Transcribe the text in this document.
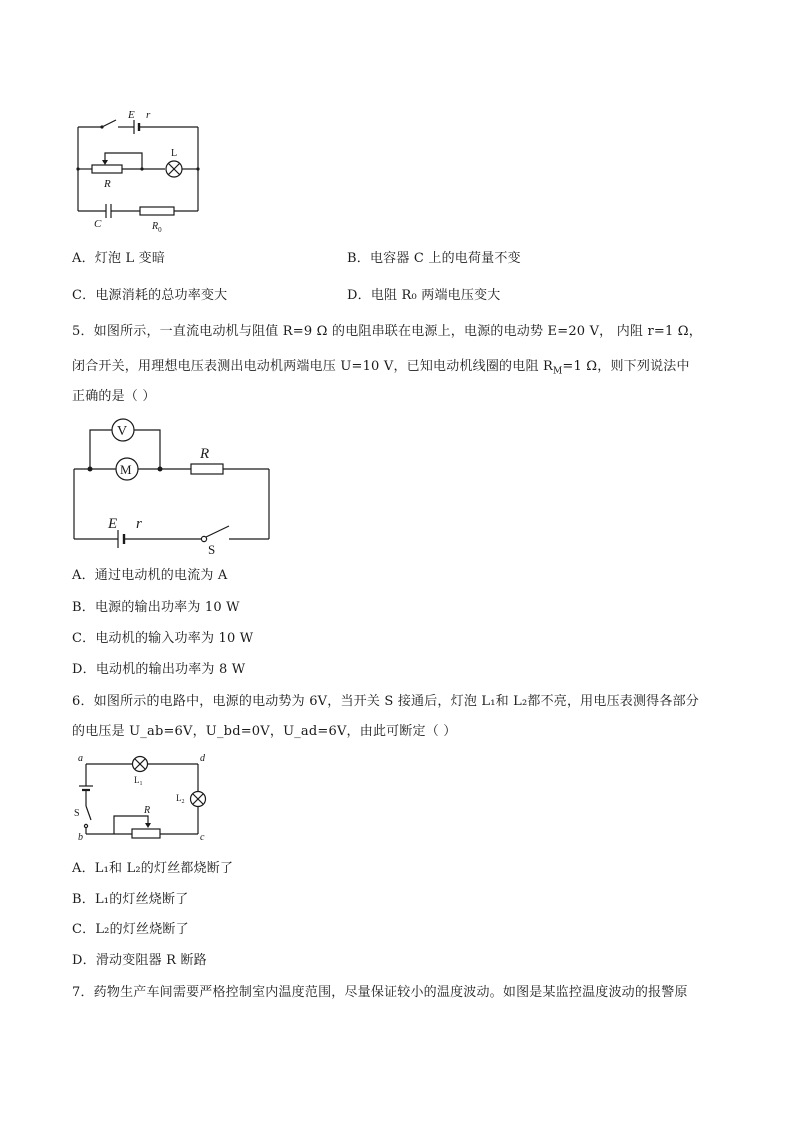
E r
R
L
C	$R_0$
A．灯泡 L 变暗	B．电容器 C 上的电荷量不变
C．电源消耗的总功率变大	D．电阻 R₀ 两端电压变大
5．如图所示，一直流电动机与阻值 R=9 Ω 的电阻串联在电源上，电源的电动势 E=20 V， 内阻 r=1 Ω，
闭合开关，用理想电压表测出电动机两端电压 U=10 V，已知电动机线圈的电阻 $R_M=1$ Ω，则下列说法中
正确的是（ ）
V
M
R
E r
S
A．通过电动机的电流为 A
B．电源的输出功率为 10 W
C．电动机的输入功率为 10 W
D．电动机的输出功率为 8 W
6．如图所示的电路中，电源的电动势为 6V，当开关 S 接通后，灯泡 L₁和 L₂都不亮，用电压表测得各部分
的电压是 U_ab=6V，U_bd=0V，U_ad=6V，由此可断定（ ）
a	d
b	c
$L_1$
S
$L_2$
R
A．L₁和 L₂的灯丝都烧断了
B．L₁的灯丝烧断了
C．L₂的灯丝烧断了
D．滑动变阻器 R 断路
7．药物生产车间需要严格控制室内温度范围，尽量保证较小的温度波动。如图是某监控温度波动的报警原
